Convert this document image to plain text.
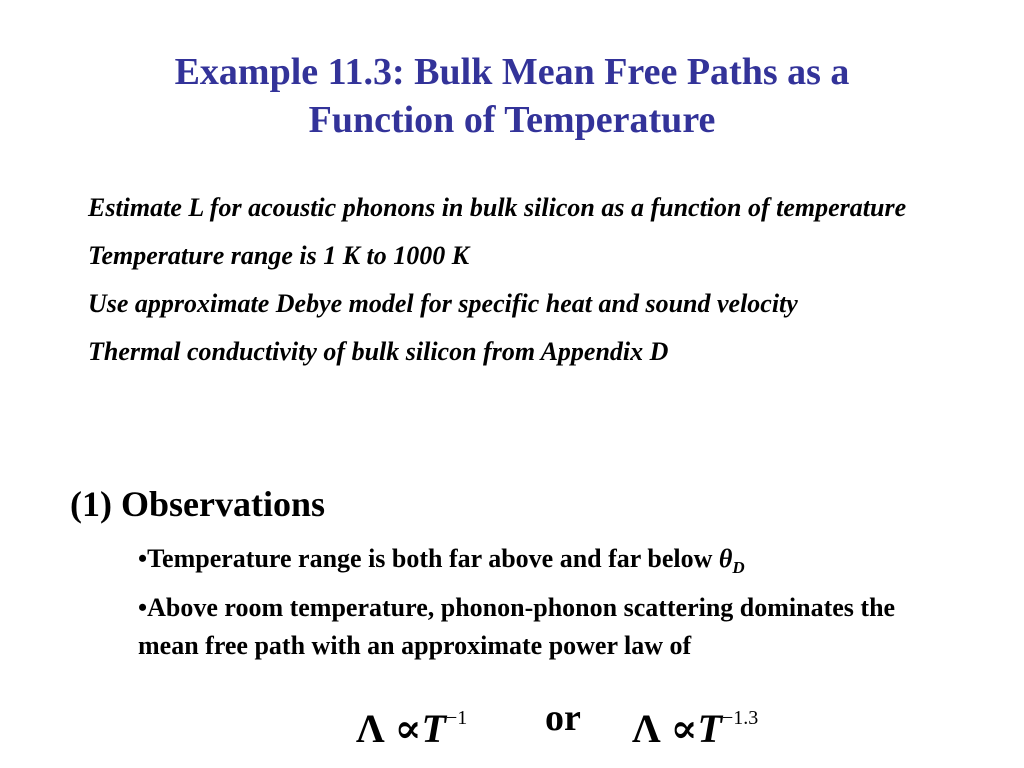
Example 11.3: Bulk Mean Free Paths as a
Function of Temperature

Estimate L for acoustic phonons in bulk silicon as a function of temperature

Temperature range is 1 K to 1000 K

Use approximate Debye model for specific heat and sound velocity

Thermal conductivity of bulk silicon from Appendix D

(1) Observations

•Temperature range is both far above and far below $\theta_D$

•Above room temperature, phonon-phonon scattering dominates the mean free path with an approximate power law of

$\Lambda \propto T^{-1}$ or $\Lambda \propto T^{-1.3}$
